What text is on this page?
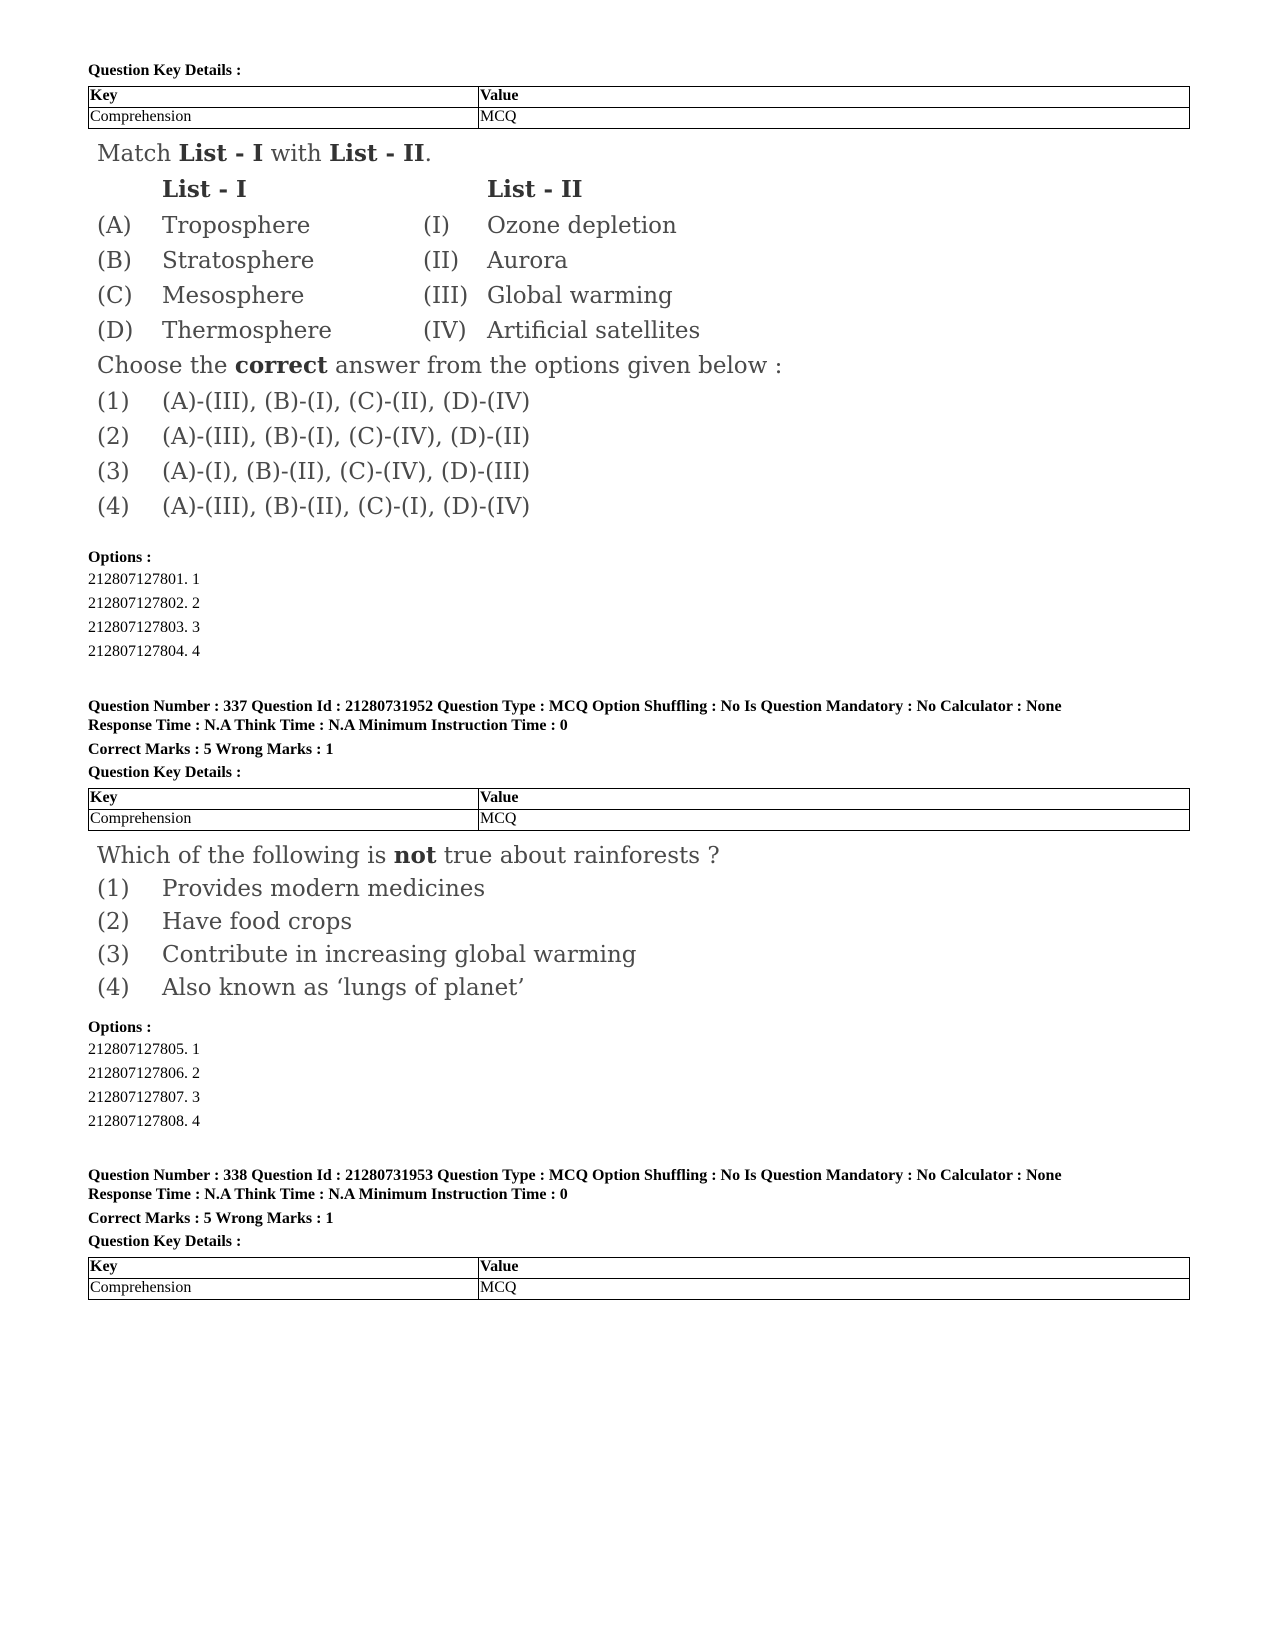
Question Key Details :
Key	Value
Comprehension	MCQ
Match List - I with List - II.
List - I	List - II
(A) Troposphere	(I) Ozone depletion
(B) Stratosphere	(II) Aurora
(C) Mesosphere	(III) Global warming
(D) Thermosphere	(IV) Artificial satellites
Choose the correct answer from the options given below :
(1) (A)-(III), (B)-(I), (C)-(II), (D)-(IV)
(2) (A)-(III), (B)-(I), (C)-(IV), (D)-(II)
(3) (A)-(I), (B)-(II), (C)-(IV), (D)-(III)
(4) (A)-(III), (B)-(II), (C)-(I), (D)-(IV)
Options :
212807127801. 1
212807127802. 2
212807127803. 3
212807127804. 4
Question Number : 337 Question Id : 21280731952 Question Type : MCQ Option Shuffling : No Is Question Mandatory : No Calculator : None
Response Time : N.A Think Time : N.A Minimum Instruction Time : 0
Correct Marks : 5 Wrong Marks : 1
Question Key Details :
Key	Value
Comprehension	MCQ
Which of the following is not true about rainforests ?
(1) Provides modern medicines
(2) Have food crops
(3) Contribute in increasing global warming
(4) Also known as ‘lungs of planet’
Options :
212807127805. 1
212807127806. 2
212807127807. 3
212807127808. 4
Question Number : 338 Question Id : 21280731953 Question Type : MCQ Option Shuffling : No Is Question Mandatory : No Calculator : None
Response Time : N.A Think Time : N.A Minimum Instruction Time : 0
Correct Marks : 5 Wrong Marks : 1
Question Key Details :
Key	Value
Comprehension	MCQ
